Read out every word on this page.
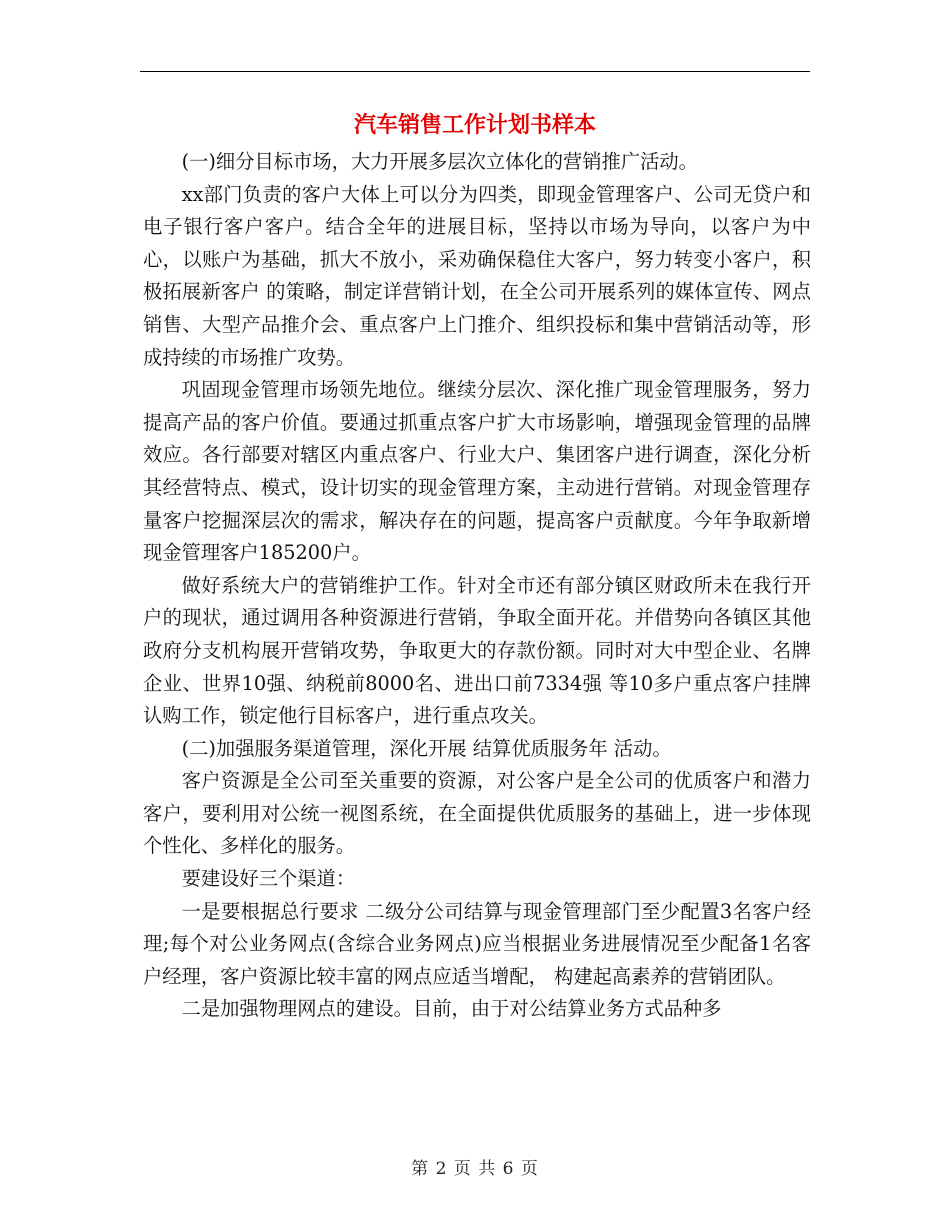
汽车销售工作计划书样本

(一)细分目标市场，大力开展多层次立体化的营销推广活动。

xx部门负责的客户大体上可以分为四类，即现金管理客户、公司无贷户和电子银行客户客户。结合全年的进展目标，坚持以市场为导向，以客户为中心，以账户为基础，抓大不放小，采劝确保稳住大客户，努力转变小客户，积极拓展新客户 的策略，制定详营销计划，在全公司开展系列的媒体宣传、网点销售、大型产品推介会、重点客户上门推介、组织投标和集中营销活动等，形成持续的市场推广攻势。

巩固现金管理市场领先地位。继续分层次、深化推广现金管理服务，努力提高产品的客户价值。要通过抓重点客户扩大市场影响，增强现金管理的品牌效应。各行部要对辖区内重点客户、行业大户、集团客户进行调查，深化分析其经营特点、模式，设计切实的现金管理方案，主动进行营销。对现金管理存量客户挖掘深层次的需求，解决存在的问题，提高客户贡献度。今年争取新增现金管理客户185200户。

做好系统大户的营销维护工作。针对全市还有部分镇区财政所未在我行开户的现状，通过调用各种资源进行营销，争取全面开花。并借势向各镇区其他政府分支机构展开营销攻势，争取更大的存款份额。同时对大中型企业、名牌企业、世界10强、纳税前8000名、进出口前7334强 等10多户重点客户挂牌认购工作，锁定他行目标客户，进行重点攻关。

(二)加强服务渠道管理，深化开展 结算优质服务年 活动。

客户资源是全公司至关重要的资源，对公客户是全公司的优质客户和潜力客户，要利用对公统一视图系统，在全面提供优质服务的基础上，进一步体现个性化、多样化的服务。

要建设好三个渠道：

一是要根据总行要求 二级分公司结算与现金管理部门至少配置3名客户经理;每个对公业务网点(含综合业务网点)应当根据业务进展情况至少配备1名客户经理，客户资源比较丰富的网点应适当增配， 构建起高素养的营销团队。

二是加强物理网点的建设。目前，由于对公结算业务方式品种多

第 2 页 共 6 页
